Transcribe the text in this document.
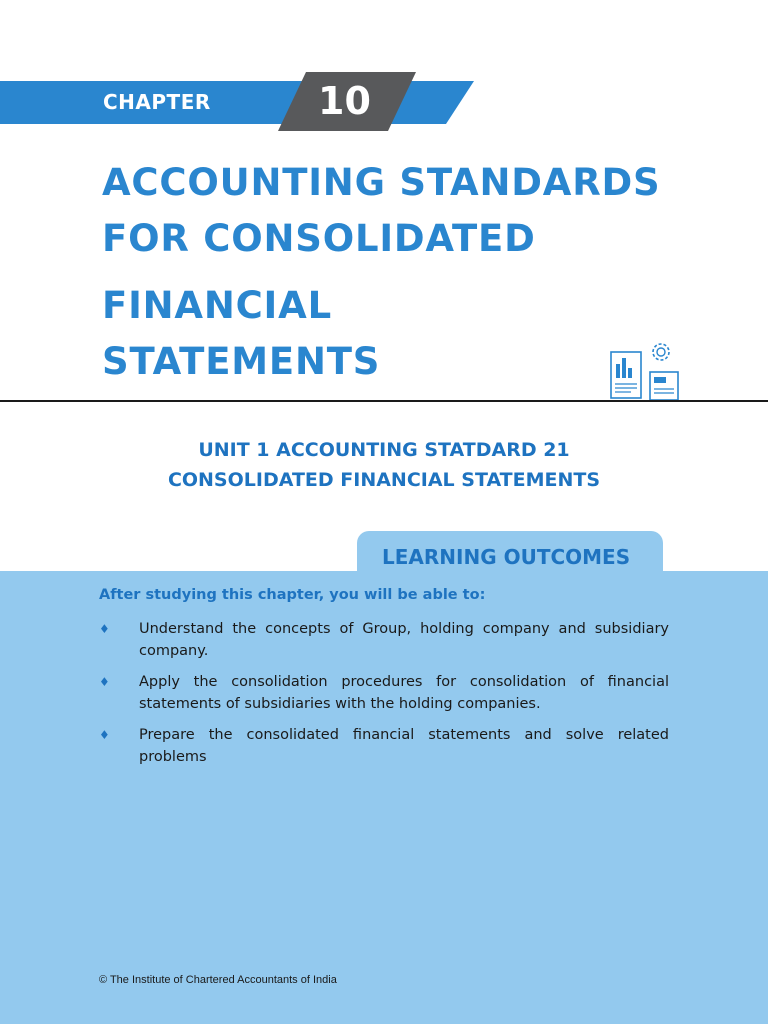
CHAPTER	10
ACCOUNTING STANDARDS
FOR CONSOLIDATED
FINANCIAL
STATEMENTS
UNIT 1 ACCOUNTING STATDARD 21
CONSOLIDATED FINANCIAL STATEMENTS
LEARNING OUTCOMES
After studying this chapter, you will be able to:
♦ Understand the concepts of Group, holding company and subsidiary company.
♦ Apply the consolidation procedures for consolidation of financial statements of subsidiaries with the holding companies.
♦ Prepare the consolidated financial statements and solve related problems
© The Institute of Chartered Accountants of India
